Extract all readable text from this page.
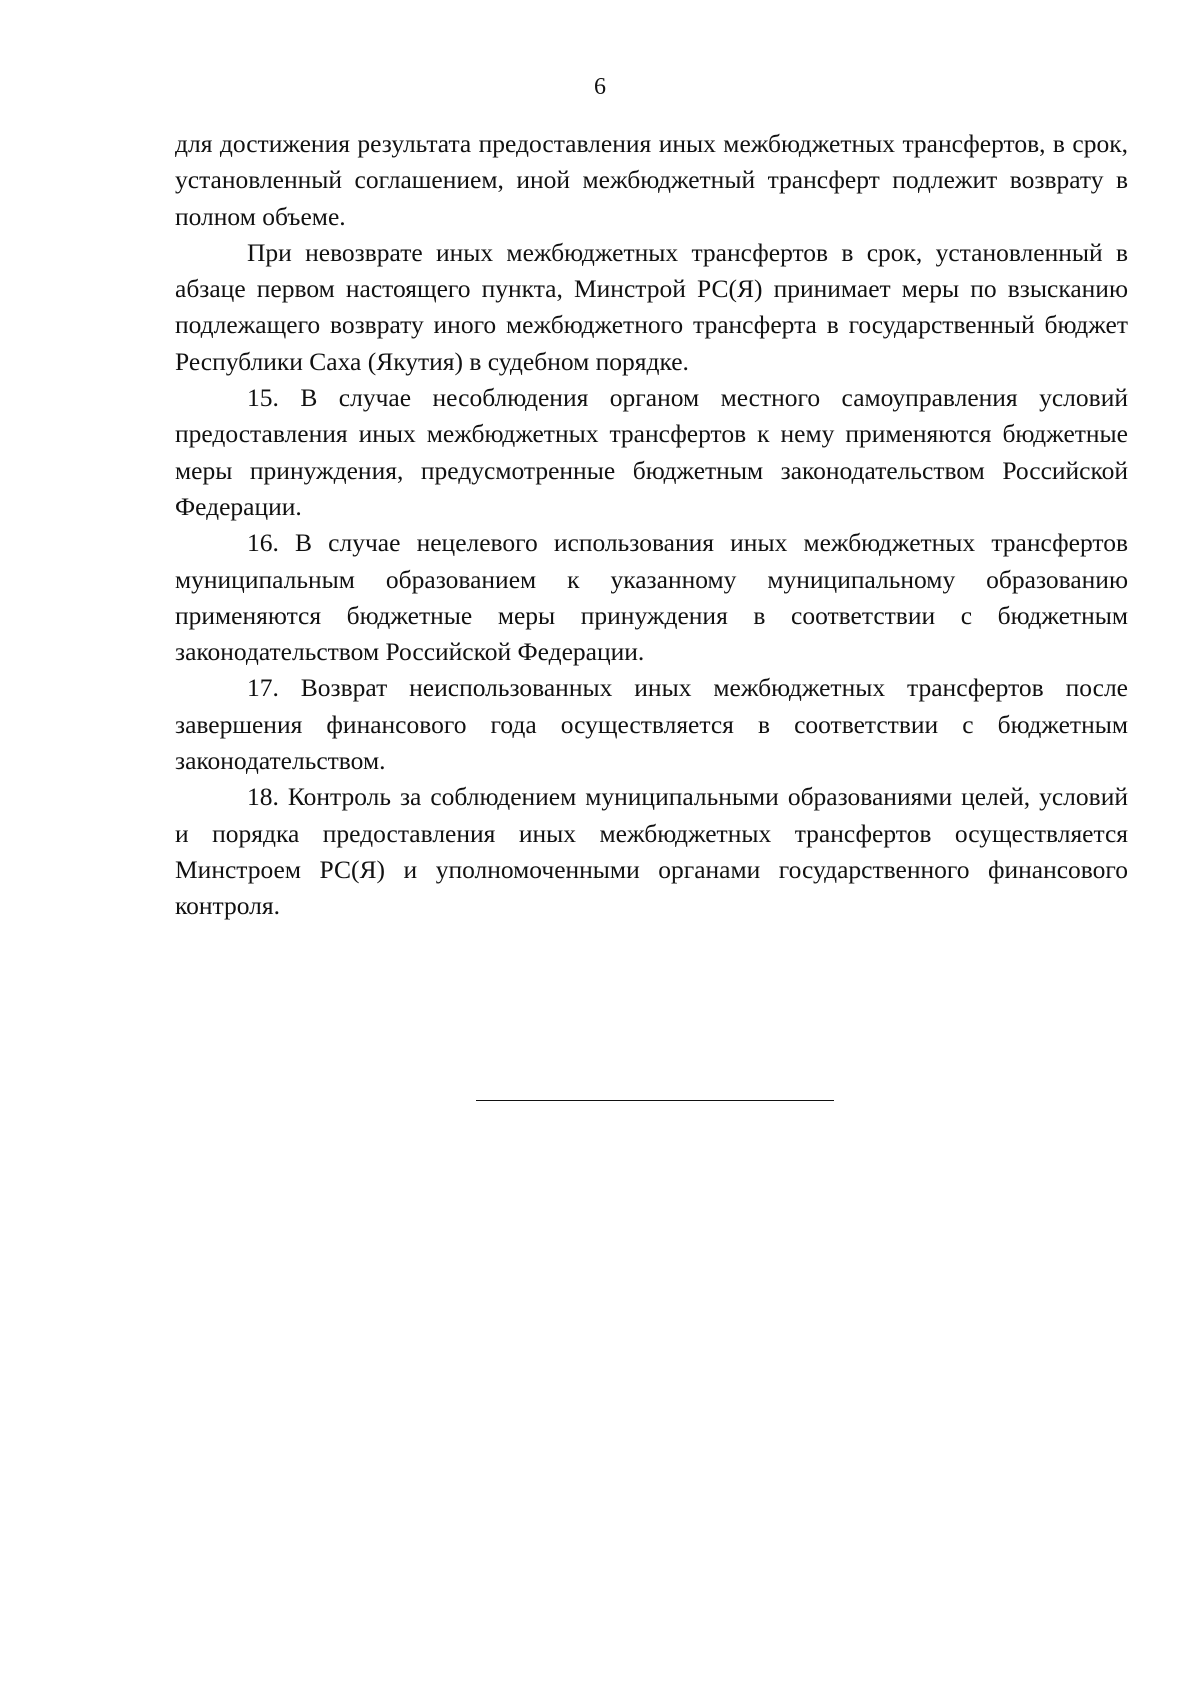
6

для достижения результата предоставления иных межбюджетных трансфертов, в срок, установленный соглашением, иной межбюджетный трансферт подлежит возврату в полном объеме.

При невозврате иных межбюджетных трансфертов в срок, установленный в абзаце первом настоящего пункта, Минстрой РС(Я) принимает меры по взысканию подлежащего возврату иного межбюджетного трансферта в государственный бюджет Республики Саха (Якутия) в судебном порядке.

15. В случае несоблюдения органом местного самоуправления условий предоставления иных межбюджетных трансфертов к нему применяются бюджетные меры принуждения, предусмотренные бюджетным законодательством Российской Федерации.

16. В случае нецелевого использования иных межбюджетных трансфертов муниципальным образованием к указанному муниципальному образованию применяются бюджетные меры принуждения в соответствии с бюджетным законодательством Российской Федерации.

17. Возврат неиспользованных иных межбюджетных трансфертов после завершения финансового года осуществляется в соответствии с бюджетным законодательством.

18. Контроль за соблюдением муниципальными образованиями целей, условий и порядка предоставления иных межбюджетных трансфертов осуществляется Минстроем РС(Я) и уполномоченными органами государственного финансового контроля.
